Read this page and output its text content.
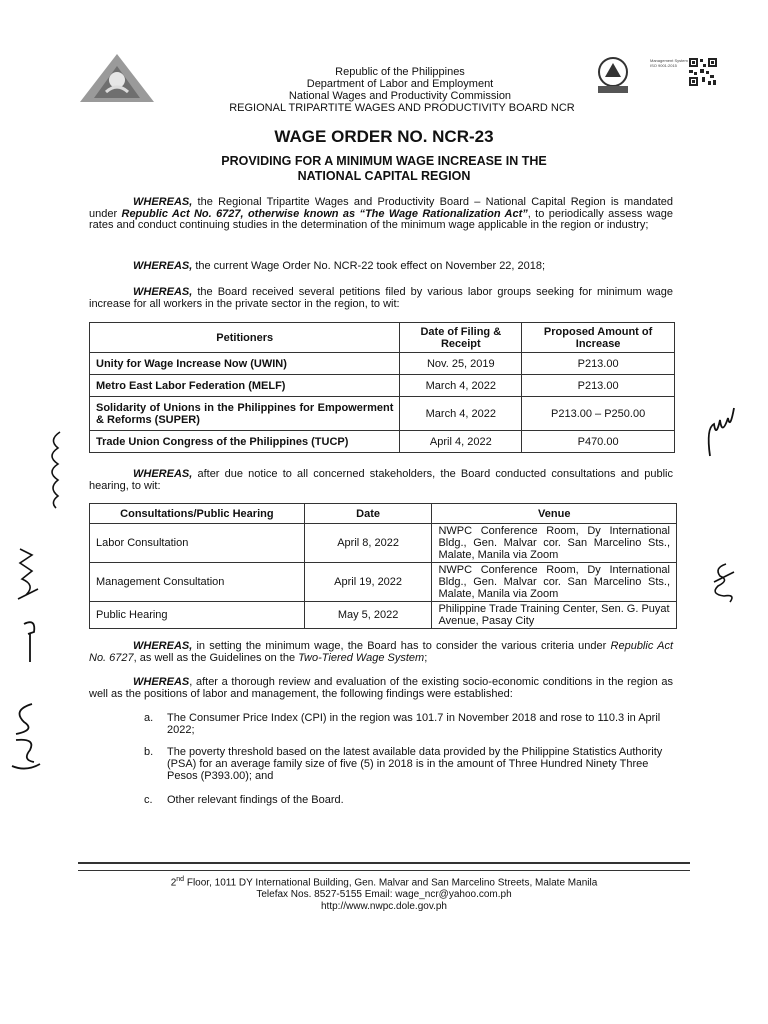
Management System ISO 9001:2015
Republic of the Philippines
Department of Labor and Employment
National Wages and Productivity Commission
REGIONAL TRIPARTITE WAGES AND PRODUCTIVITY BOARD NCR
WAGE ORDER NO. NCR-23
PROVIDING FOR A MINIMUM WAGE INCREASE IN THE
NATIONAL CAPITAL REGION
WHEREAS, the Regional Tripartite Wages and Productivity Board – National Capital Region is mandated under Republic Act No. 6727, otherwise known as “The Wage Rationalization Act”, to periodically assess wage rates and conduct continuing studies in the determination of the minimum wage applicable in the region or industry;
WHEREAS, the current Wage Order No. NCR-22 took effect on November 22, 2018;
WHEREAS, the Board received several petitions filed by various labor groups seeking for minimum wage increase for all workers in the private sector in the region, to wit:
Petitioners	Date of Filing & Receipt	Proposed Amount of Increase
Unity for Wage Increase Now (UWIN)	Nov. 25, 2019	P213.00
Metro East Labor Federation (MELF)	March 4, 2022	P213.00
Solidarity of Unions in the Philippines for Empowerment & Reforms (SUPER)	March 4, 2022	P213.00 – P250.00
Trade Union Congress of the Philippines (TUCP)	April 4, 2022	P470.00
WHEREAS, after due notice to all concerned stakeholders, the Board conducted consultations and public hearing, to wit:
Consultations/Public Hearing	Date	Venue
Labor Consultation	April 8, 2022	NWPC Conference Room, Dy International Bldg., Gen. Malvar cor. San Marcelino Sts., Malate, Manila via Zoom
Management Consultation	April 19, 2022	NWPC Conference Room, Dy International Bldg., Gen. Malvar cor. San Marcelino Sts., Malate, Manila via Zoom
Public Hearing	May 5, 2022	Philippine Trade Training Center, Sen. G. Puyat Avenue, Pasay City
WHEREAS, in setting the minimum wage, the Board has to consider the various criteria under Republic Act No. 6727, as well as the Guidelines on the Two-Tiered Wage System;
WHEREAS, after a thorough review and evaluation of the existing socio-economic conditions in the region as well as the positions of labor and management, the following findings were established:
a.	The Consumer Price Index (CPI) in the region was 101.7 in November 2018 and rose to 110.3 in April 2022;
b.	The poverty threshold based on the latest available data provided by the Philippine Statistics Authority (PSA) for an average family size of five (5) in 2018 is in the amount of Three Hundred Ninety Three Pesos (P393.00); and
c.	Other relevant findings of the Board.
2nd Floor, 1011 DY International Building, Gen. Malvar and San Marcelino Streets, Malate Manila
Telefax Nos. 8527-5155 Email: wage_ncr@yahoo.com.ph
http://www.nwpc.dole.gov.ph
